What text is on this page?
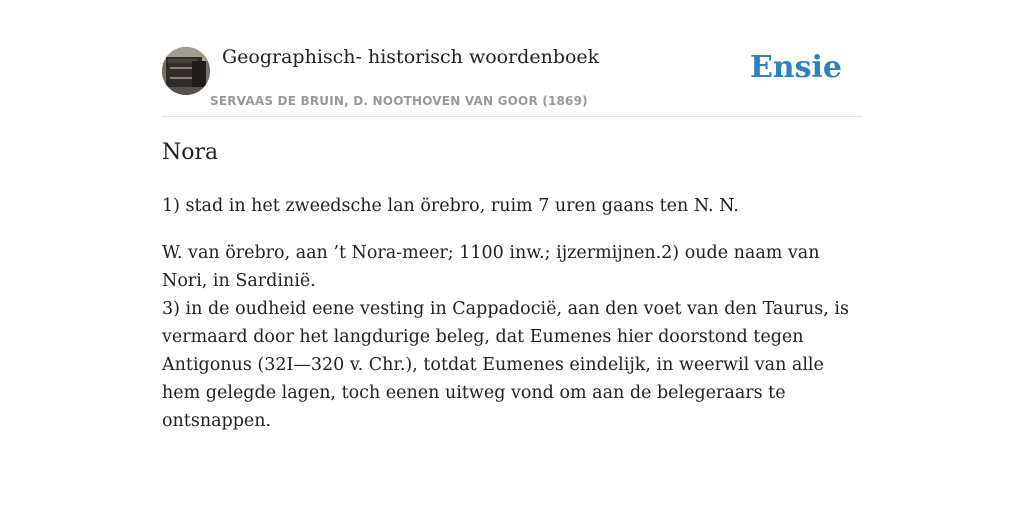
Geographisch- historisch woordenboek
SERVAAS DE BRUIN, D. NOOTHOVEN VAN GOOR (1869)
Ensie
Nora

1) stad in het zweedsche lan örebro, ruim 7 uren gaans ten N. N.

W. van örebro, aan ’t Nora-meer; 1100 inw.; ijzermijnen.2) oude naam van Nori, in Sardinië.
3) in de oudheid eene vesting in Cappadocië, aan den voet van den Taurus, is vermaard door het langdurige beleg, dat Eumenes hier doorstond tegen Antigonus (32I—320 v. Chr.), totdat Eumenes eindelijk, in weerwil van alle hem gelegde lagen, toch eenen uitweg vond om aan de belegeraars te ontsnappen.
